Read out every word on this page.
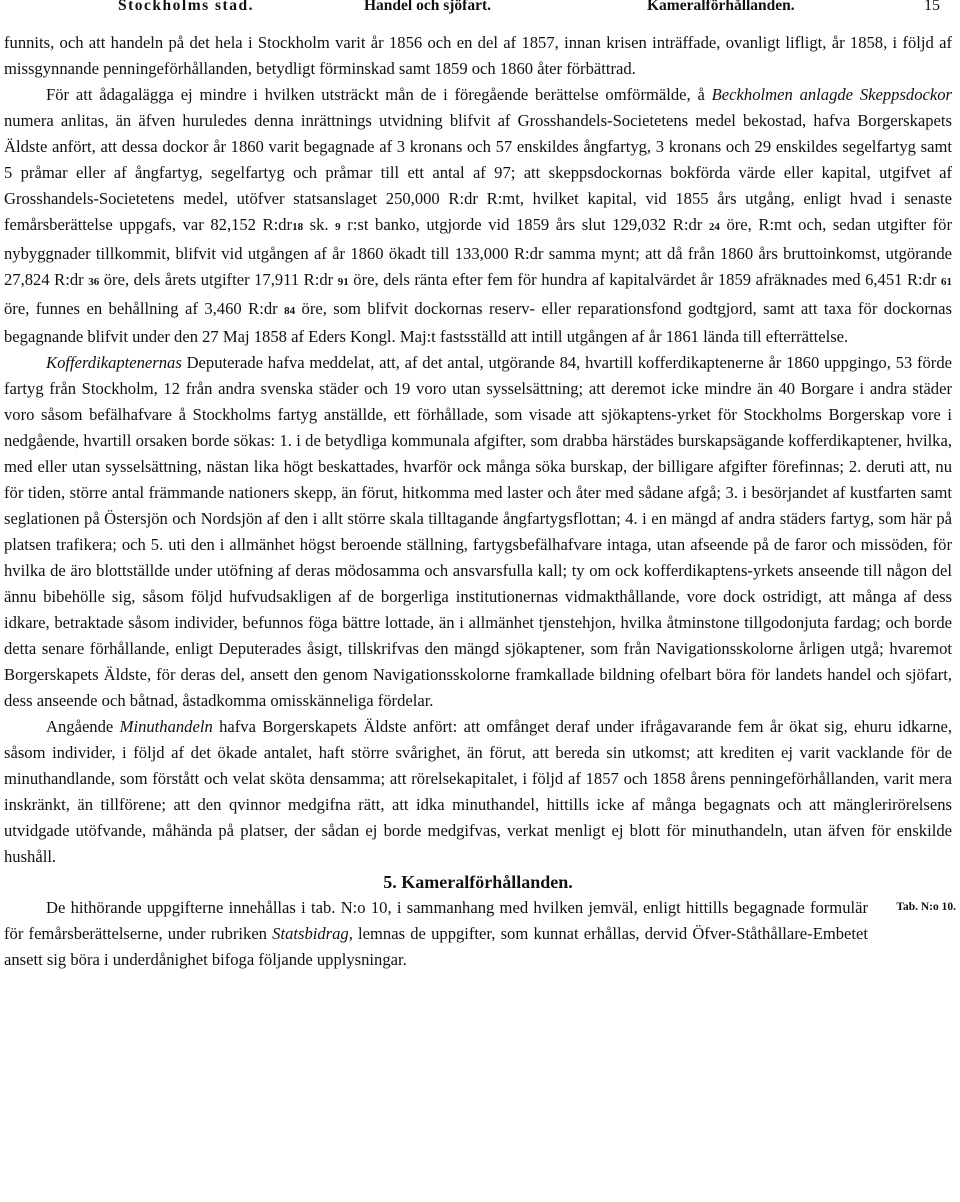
Stockholms stad.	Handel och sjöfart.	Kameralförhållanden.	15

funnits, och att handeln på det hela i Stockholm varit år 1856 och en del af 1857, innan krisen inträffade, ovanligt lifligt, år 1858, i följd af missgynnande penningeförhållanden, betydligt förminskad samt 1859 och 1860 åter förbättrad.

För att ådagalägga ej mindre i hvilken utsträckt mån de i föregående berättelse omförmälde, å Beckholmen anlagde Skeppsdockor numera anlitas, än äfven huruledes denna inrättnings utvidning blifvit af Grosshandels-Societetens medel bekostad, hafva Borgerskapets Äldste anfört, att dessa dockor år 1860 varit begagnade af 3 kronans och 57 enskildes ångfartyg, 3 kronans och 29 enskildes segelfartyg samt 5 pråmar eller af ångfartyg, segelfartyg och pråmar till ett antal af 97; att skeppsdockornas bokförda värde eller kapital, utgifvet af Grosshandels-Societetens medel, utöfver statsanslaget 250,000 R:dr R:mt, hvilket kapital, vid 1855 års utgång, enligt hvad i senaste femårsberättelse uppgafs, var 82,152 R:dr18 sk. 9 r:st banko, utgjorde vid 1859 års slut 129,032 R:dr 24 öre, R:mt och, sedan utgifter för nybyggnader tillkommit, blifvit vid utgången af år 1860 ökadt till 133,000 R:dr samma mynt; att då från 1860 års bruttoinkomst, utgörande 27,824 R:dr 36 öre, dels årets utgifter 17,911 R:dr 91 öre, dels ränta efter fem för hundra af kapitalvärdet år 1859 afräknades med 6,451 R:dr 61 öre, funnes en behållning af 3,460 R:dr 84 öre, som blifvit dockornas reserv- eller reparationsfond godtgjord, samt att taxa för dockornas begagnande blifvit under den 27 Maj 1858 af Eders Kongl. Maj:t fastsställd att intill utgången af år 1861 lända till efterrättelse.

Kofferdikaptenernas Deputerade hafva meddelat, att, af det antal, utgörande 84, hvartill kofferdikaptenerne år 1860 uppgingo, 53 förde fartyg från Stockholm, 12 från andra svenska städer och 19 voro utan sysselsättning; att deremot icke mindre än 40 Borgare i andra städer voro såsom befälhafvare å Stockholms fartyg anställde, ett förhållade, som visade att sjökaptens-yrket för Stockholms Borgerskap vore i nedgående, hvartill orsaken borde sökas: 1. i de betydliga kommunala afgifter, som drabba härstädes burskapsägande kofferdikaptener, hvilka, med eller utan sysselsättning, nästan lika högt beskattades, hvarför ock många söka burskap, der billigare afgifter förefinnas; 2. deruti att, nu för tiden, större antal främmande nationers skepp, än förut, hitkomma med laster och åter med sådane afgå; 3. i besörjandet af kustfarten samt seglationen på Östersjön och Nordsjön af den i allt större skala tilltagande ångfartygsflottan; 4. i en mängd af andra städers fartyg, som här på platsen trafikera; och 5. uti den i allmänhet högst beroende ställning, fartygsbefälhafvare intaga, utan afseende på de faror och missöden, för hvilka de äro blottställde under utöfning af deras mödosamma och ansvarsfulla kall; ty om ock kofferdikaptens-yrkets anseende till någon del ännu bibehölle sig, såsom följd hufvudsakligen af de borgerliga institutionernas vidmakthållande, vore dock ostridigt, att många af dess idkare, betraktade såsom individer, befunnos föga bättre lottade, än i allmänhet tjenstehjon, hvilka åtminstone tillgodonjuta fardag; och borde detta senare förhållande, enligt Deputerades åsigt, tillskrifvas den mängd sjökaptener, som från Navigationsskolorne årligen utgå; hvaremot Borgerskapets Äldste, för deras del, ansett den genom Navigationsskolorne framkallade bildning ofelbart böra för landets handel och sjöfart, dess anseende och båtnad, åstadkomma omisskänneliga fördelar.

Angående Minuthandeln hafva Borgerskapets Äldste anfört: att omfånget deraf under ifrågavarande fem år ökat sig, ehuru idkarne, såsom individer, i följd af det ökade antalet, haft större svårighet, än förut, att bereda sin utkomst; att krediten ej varit vacklande för de minuthandlande, som förstått och velat sköta densamma; att rörelsekapitalet, i följd af 1857 och 1858 årens penningeförhållanden, varit mera inskränkt, än tillförene; att den qvinnor medgifna rätt, att idka minuthandel, hittills icke af många begagnats och att mänglerirörelsens utvidgade utöfvande, måhända på platser, der sådan ej borde medgifvas, verkat menligt ej blott för minuthandeln, utan äfven för enskilde hushåll.

5. Kameralförhållanden.

De hithörande uppgifterne innehållas i tab. N:o 10, i sammanhang med hvilken jemväl, enligt hittills begagnade formulär för femårsberättelserne, under rubriken Statsbidrag, lemnas de uppgifter, som kunnat erhållas, dervid Öfver-Ståthållare-Embetet ansett sig böra i underdånighet bifoga följande upplysningar.
Tab. N:o 10.
